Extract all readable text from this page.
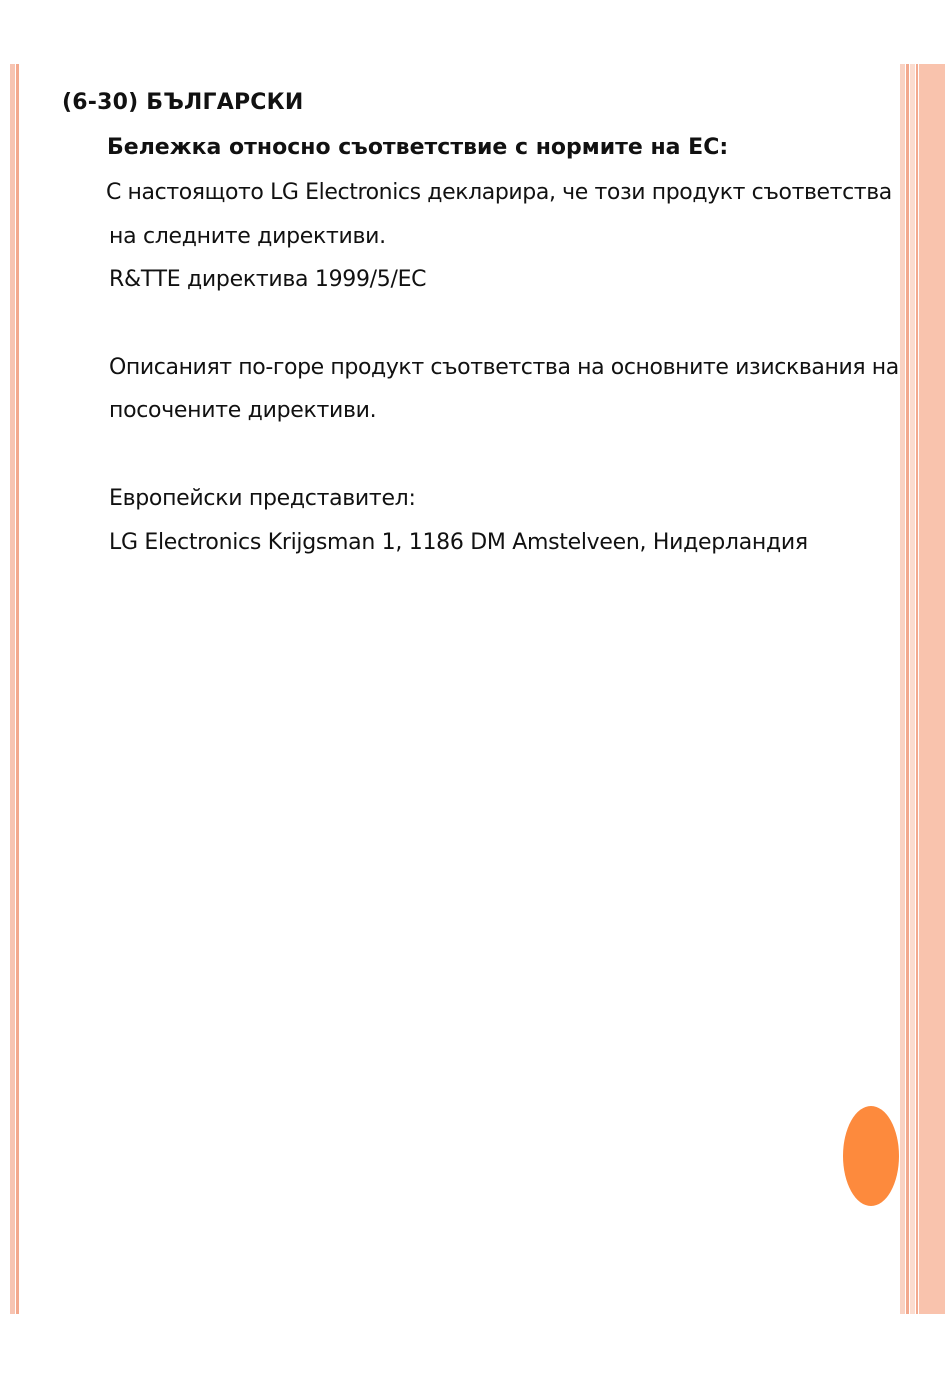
(6-30) БЪЛГАРСКИ
Бележка относно съответствие с нормите на ЕС:
С настоящото LG Electronics декларира, че този продукт съответства
на следните директиви.
R&TTE директива 1999/5/EC
Описаният по-горе продукт съответства на основните изисквания на
посочените директиви.
Европейски представител:
LG Electronics Krijgsman 1, 1186 DM Amstelveen, Нидерландия
